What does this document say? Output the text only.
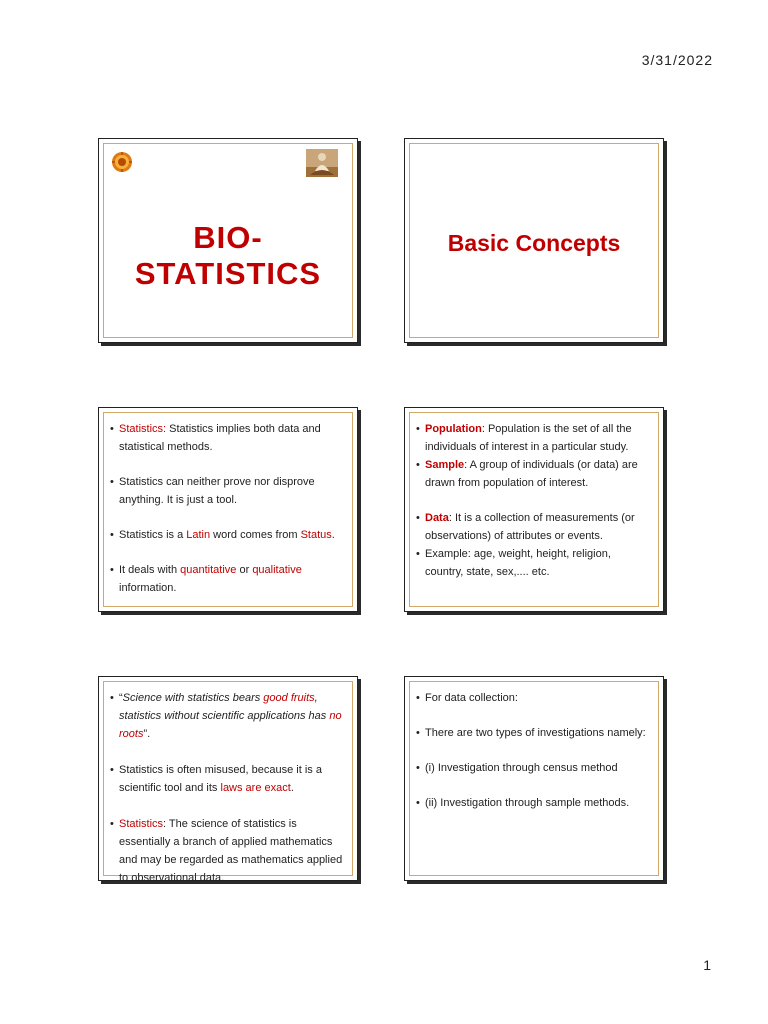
3/31/2022
BIO-STATISTICS
Basic Concepts
• Statistics: Statistics implies both data and statistical methods.
• Statistics can neither prove nor disprove anything. It is just a tool.
• Statistics is a Latin word comes from Status.
• It deals with quantitative or qualitative information.
• Population: Population is the set of all the individuals of interest in a particular study.
• Sample: A group of individuals (or data) are drawn from population of interest.
• Data: It is a collection of measurements (or observations) of attributes or events.
• Example: age, weight, height, religion, country, state, sex,.... etc.
• “Science with statistics bears good fruits, statistics without scientific applications has no roots”.
• Statistics is often misused, because it is a scientific tool and its laws are exact.
• Statistics: The science of statistics is essentially a branch of applied mathematics and may be regarded as mathematics applied to observational data.
• For data collection:
• There are two types of investigations namely:
• (i) Investigation through census method
• (ii) Investigation through sample methods.
1
